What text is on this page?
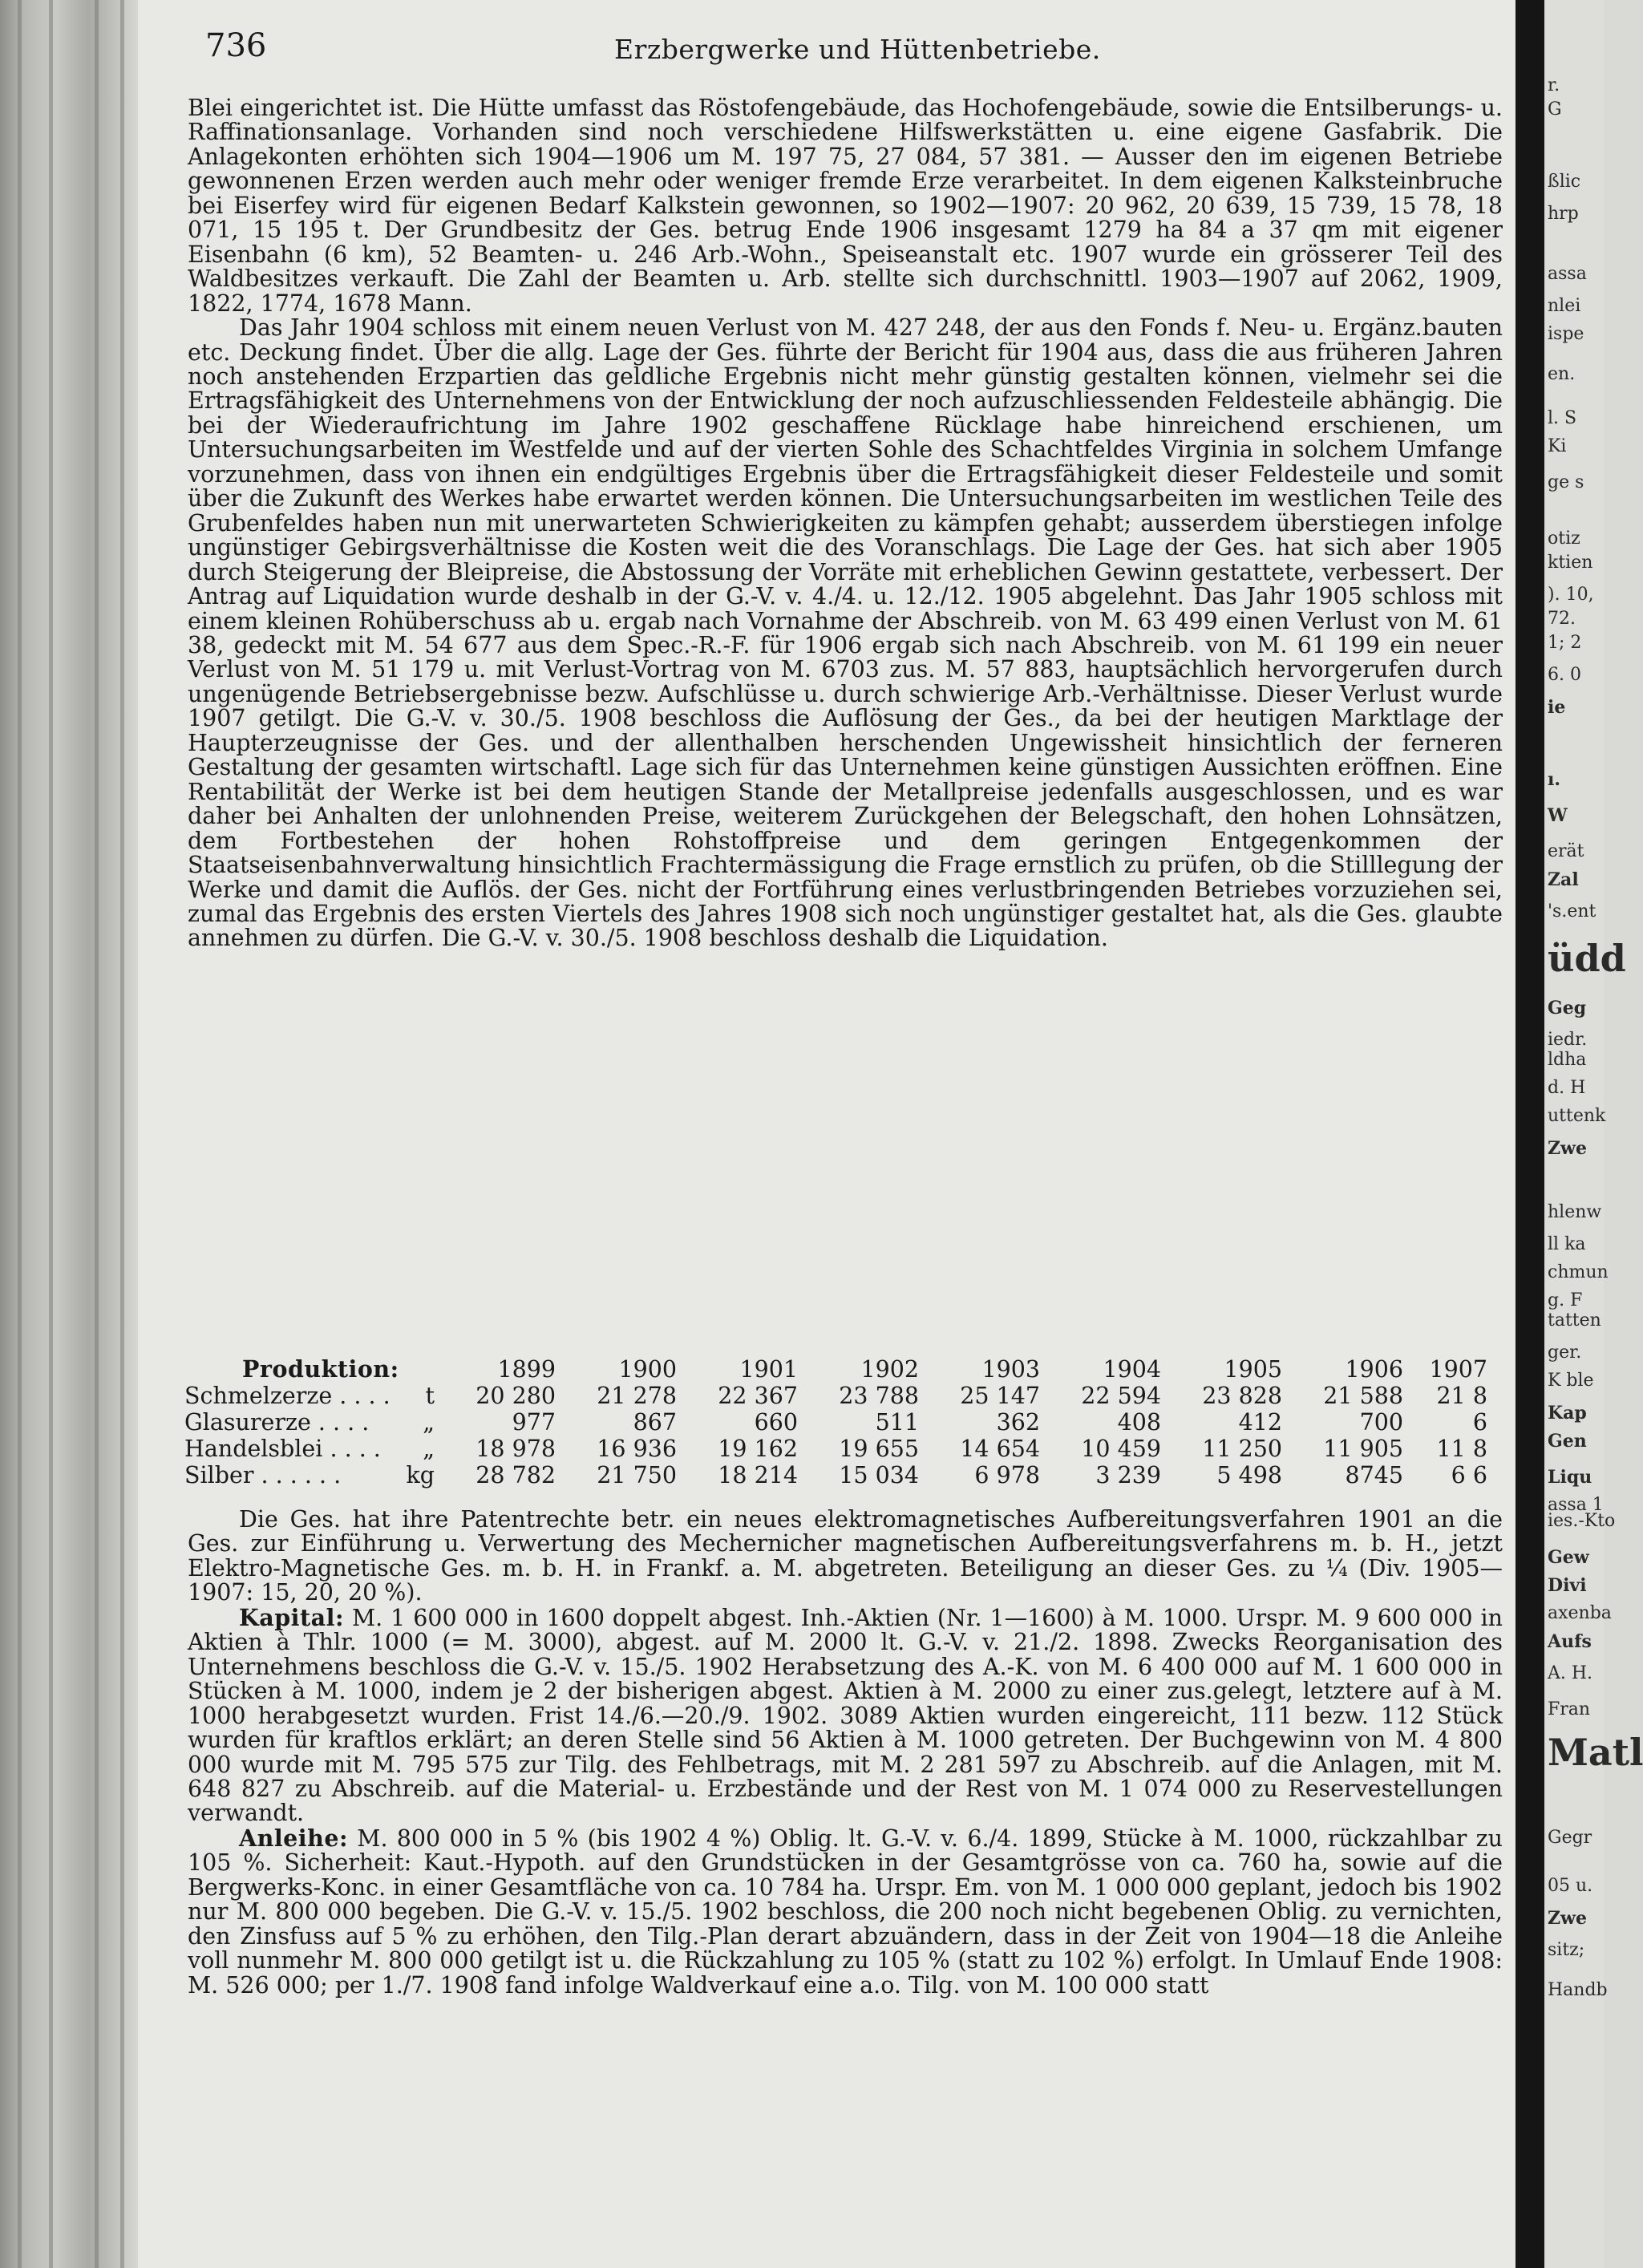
736	Erzbergwerke und Hüttenbetriebe.

Blei eingerichtet ist. Die Hütte umfasst das Röstofengebäude, das Hochofengebäude, sowie die Entsilberungs- u. Raffinationsanlage. Vorhanden sind noch verschiedene Hilfswerkstätten u. eine eigene Gasfabrik. Die Anlagekonten erhöhten sich 1904—1906 um M. 197 75, 27 084, 57 381. — Ausser den im eigenen Betriebe gewonnenen Erzen werden auch mehr oder weniger fremde Erze verarbeitet. In dem eigenen Kalksteinbruche bei Eiserfey wird für eigenen Bedarf Kalkstein gewonnen, so 1902—1907: 20 962, 20 639, 15 739, 15 78, 18 071, 15 195 t. Der Grundbesitz der Ges. betrug Ende 1906 insgesamt 1279 ha 84 a 37 qm mit eigener Eisenbahn (6 km), 52 Beamten- u. 246 Arb.-Wohn., Speiseanstalt etc. 1907 wurde ein grösserer Teil des Waldbesitzes verkauft. Die Zahl der Beamten u. Arb. stellte sich durchschnittl. 1903—1907 auf 2062, 1909, 1822, 1774, 1678 Mann.

Das Jahr 1904 schloss mit einem neuen Verlust von M. 427 248, der aus den Fonds f. Neu- u. Ergänz.bauten etc. Deckung findet. Über die allg. Lage der Ges. führte der Bericht für 1904 aus, dass die aus früheren Jahren noch anstehenden Erzpartien das geldliche Ergebnis nicht mehr günstig gestalten können, vielmehr sei die Ertragsfähigkeit des Unternehmens von der Entwicklung der noch aufzuschliessenden Feldesteile abhängig. Die bei der Wiederaufrichtung im Jahre 1902 geschaffene Rücklage habe hinreichend erschienen, um Untersuchungsarbeiten im Westfelde und auf der vierten Sohle des Schachtfeldes Virginia in solchem Umfange vorzunehmen, dass von ihnen ein endgültiges Ergebnis über die Ertragsfähigkeit dieser Feldesteile und somit über die Zukunft des Werkes habe erwartet werden können. Die Untersuchungsarbeiten im westlichen Teile des Grubenfeldes haben nun mit unerwarteten Schwierigkeiten zu kämpfen gehabt; ausserdem überstiegen infolge ungünstiger Gebirgsverhältnisse die Kosten weit die des Voranschlags. Die Lage der Ges. hat sich aber 1905 durch Steigerung der Bleipreise, die Abstossung der Vorräte mit erheblichen Gewinn gestattete, verbessert. Der Antrag auf Liquidation wurde deshalb in der G.-V. v. 4./4. u. 12./12. 1905 abgelehnt. Das Jahr 1905 schloss mit einem kleinen Rohüberschuss ab u. ergab nach Vornahme der Abschreib. von M. 63 499 einen Verlust von M. 61 38, gedeckt mit M. 54 677 aus dem Spec.-R.-F. für 1906 ergab sich nach Abschreib. von M. 61 199 ein neuer Verlust von M. 51 179 u. mit Verlust-Vortrag von M. 6703 zus. M. 57 883, hauptsächlich hervorgerufen durch ungenügende Betriebsergebnisse bezw. Aufschlüsse u. durch schwierige Arb.-Verhältnisse. Dieser Verlust wurde 1907 getilgt. Die G.-V. v. 30./5. 1908 beschloss die Auflösung der Ges., da bei der heutigen Marktlage der Haupterzeugnisse der Ges. und der allenthalben herschenden Ungewissheit hinsichtlich der ferneren Gestaltung der gesamten wirtschaftl. Lage sich für das Unternehmen keine günstigen Aussichten eröffnen. Eine Rentabilität der Werke ist bei dem heutigen Stande der Metallpreise jedenfalls ausgeschlossen, und es war daher bei Anhalten der unlohnenden Preise, weiterem Zurückgehen der Belegschaft, den hohen Lohnsätzen, dem Fortbestehen der hohen Rohstoffpreise und dem geringen Entgegenkommen der Staatseisenbahnverwaltung hinsichtlich Frachtermässigung die Frage ernstlich zu prüfen, ob die Stilllegung der Werke und damit die Auflös. der Ges. nicht der Fortführung eines verlustbringenden Betriebes vorzuziehen sei, zumal das Ergebnis des ersten Viertels des Jahres 1908 sich noch ungünstiger gestaltet hat, als die Ges. glaubte annehmen zu dürfen. Die G.-V. v. 30./5. 1908 beschloss deshalb die Liquidation.

Produktion:		1899	1900	1901	1902	1903	1904	1905	1906	1907
Schmelzerze . . . .	t	20 280	21 278	22 367	23 788	25 147	22 594	23 828	21 588	21 8
Glasurerze . . . .	„	977	867	660	511	362	408	412	700	6
Handelsblei . . . .	„	18 978	16 936	19 162	19 655	14 654	10 459	11 250	11 905	11 8
Silber . . . . . .	kg	28 782	21 750	18 214	15 034	6 978	3 239	5 498	8745	6 6

Die Ges. hat ihre Patentrechte betr. ein neues elektromagnetisches Aufbereitungsverfahren 1901 an die Ges. zur Einführung u. Verwertung des Mechernicher magnetischen Aufbereitungsverfahrens m. b. H., jetzt Elektro-Magnetische Ges. m. b. H. in Frankf. a. M. abgetreten. Beteiligung an dieser Ges. zu ¼ (Div. 1905—1907: 15, 20, 20 %).

Kapital: M. 1 600 000 in 1600 doppelt abgest. Inh.-Aktien (Nr. 1—1600) à M. 1000. Urspr. M. 9 600 000 in Aktien à Thlr. 1000 (= M. 3000), abgest. auf M. 2000 lt. G.-V. v. 21./2. 1898. Zwecks Reorganisation des Unternehmens beschloss die G.-V. v. 15./5. 1902 Herabsetzung des A.-K. von M. 6 400 000 auf M. 1 600 000 in Stücken à M. 1000, indem je 2 der bisherigen abgest. Aktien à M. 2000 zu einer zus.gelegt, letztere auf à M. 1000 herabgesetzt wurden. Frist 14./6.—20./9. 1902. 3089 Aktien wurden eingereicht, 111 bezw. 112 Stück wurden für kraftlos erklärt; an deren Stelle sind 56 Aktien à M. 1000 getreten. Der Buchgewinn von M. 4 800 000 wurde mit M. 795 575 zur Tilg. des Fehlbetrags, mit M. 2 281 597 zu Abschreib. auf die Anlagen, mit M. 648 827 zu Abschreib. auf die Material- u. Erzbestände und der Rest von M. 1 074 000 zu Reservestellungen verwandt.

Anleihe: M. 800 000 in 5 % (bis 1902 4 %) Oblig. lt. G.-V. v. 6./4. 1899, Stücke à M. 1000, rückzahlbar zu 105 %. Sicherheit: Kaut.-Hypoth. auf den Grundstücken in der Gesamtgrösse von ca. 760 ha, sowie auf die Bergwerks-Konc. in einer Gesamtfläche von ca. 10 784 ha. Urspr. Em. von M. 1 000 000 geplant, jedoch bis 1902 nur M. 800 000 begeben. Die G.-V. v. 15./5. 1902 beschloss, die 200 noch nicht begebenen Oblig. zu vernichten, den Zinsfuss auf 5 % zu erhöhen, den Tilg.-Plan derart abzuändern, dass in der Zeit von 1904—18 die Anleihe voll nunmehr M. 800 000 getilgt ist u. die Rückzahlung zu 105 % (statt zu 102 %) erfolgt. In Umlauf Ende 1908: M. 526 000; per 1./7. 1908 fand infolge Waldverkauf eine a.o. Tilg. von M. 100 000 statt

r.
G
ßlic
hrp
assa
nlei
ispe
en.
l. S
Ki
ge s
otiz
ktien
). 10,
72.
1; 2
6. 0
ie
ı.
W
erät
Zal
's.ent
üdd
Geg
iedr.
ldha
d. H
uttenk
Zwe
hlenw
ll ka
chmun
g. F
tatten
ger.
K ble
Kap
Gen
Liqu
assa 1
ies.-Kto
Gew
Divi
axenba
Aufs
A. H.
Fran
Matl
Gegr
05 u.
Zwe
sitz;
Handb
